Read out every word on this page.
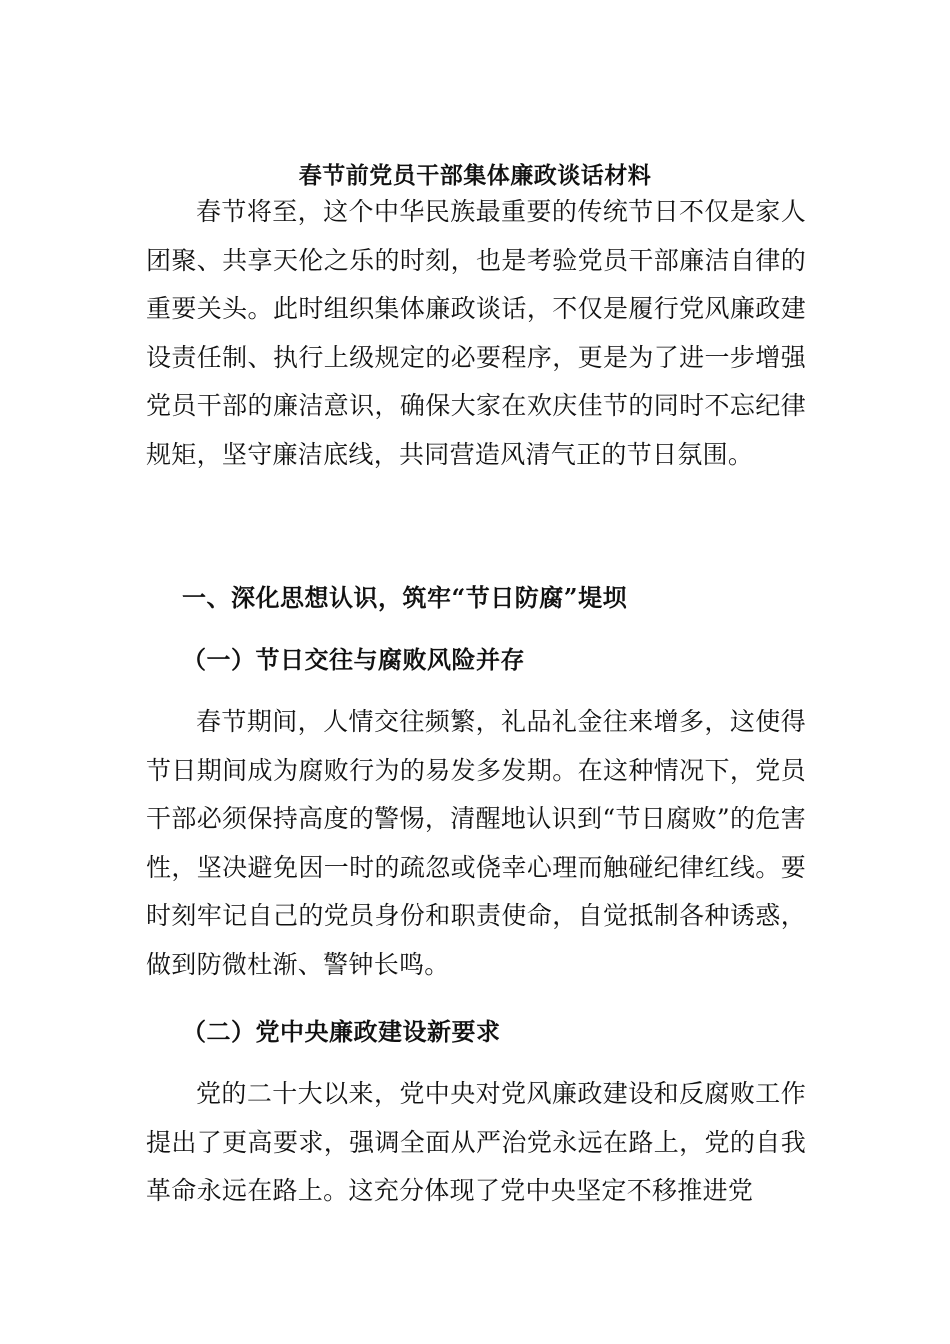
春节前党员干部集体廉政谈话材料

春节将至，这个中华民族最重要的传统节日不仅是家人团聚、共享天伦之乐的时刻，也是考验党员干部廉洁自律的重要关头。此时组织集体廉政谈话，不仅是履行党风廉政建设责任制、执行上级规定的必要程序，更是为了进一步增强党员干部的廉洁意识，确保大家在欢庆佳节的同时不忘纪律规矩，坚守廉洁底线，共同营造风清气正的节日氛围。

一、深化思想认识，筑牢“节日防腐”堤坝
（一）节日交往与腐败风险并存

春节期间，人情交往频繁，礼品礼金往来增多，这使得节日期间成为腐败行为的易发多发期。在这种情况下，党员干部必须保持高度的警惕，清醒地认识到“节日腐败”的危害性，坚决避免因一时的疏忽或侥幸心理而触碰纪律红线。要时刻牢记自己的党员身份和职责使命，自觉抵制各种诱惑，做到防微杜渐、警钟长鸣。

（二）党中央廉政建设新要求

党的二十大以来，党中央对党风廉政建设和反腐败工作提出了更高要求，强调全面从严治党永远在路上，党的自我革命永远在路上。这充分体现了党中央坚定不移推进党
